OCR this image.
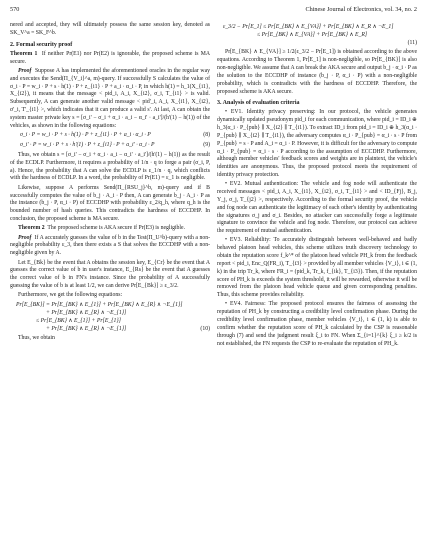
570	Chinese Journal of Electronics, vol. 34, no. 2

nered and accepted, they will ultimately possess the same session key, denoted as SK_V^a = SK_F^b.

2. Formal security proof

Theorem 1 If neither Pr(E1) nor Pr(E2) is ignorable, the proposed scheme is MA secure.

Proof Suppose A has implemented the aforementioned oracles in the regular way and executes the Send(Π_{V_i}^a, m)-query. If successfully S calculates the value of σ_i · P = w_i · P + s · h(1) · P + z_{i1} · P + a_i · α_i · P, in which h(1) = h_1(X_{i1}, X_{i2}), it means that the message < pid_i, A_i, X_{i2}, σ_i, T_{i1} > is valid. Subsequently, A can generate another valid message < pid'_i, A_i, X_{i1}, X_{i2}, σ'_i, T'_{i1} >, which indicates that it can produce a valid s'. At last, A can obtain the system master private key s = [σ_i' − σ_i + α_i · a_i − α_i' · a_i']/(h'(1) − h(1)) of the vehicles, as shown in the following equations:

σ_i · P = w_i · P + s · h(1) · P + z_{i1} · P + a_i · α_i · P	(8)
σ_i' · P = w_i · P + s · h'(1) · P + z_{i1} · P + a_i' · α_i · P	(9)

Thus, we obtain s = [σ_i' − σ_i + α_i · a_i − α_i' · a_i']/(h'(1) − h(1)) as the result of the ECDLP. Furthermore, it requires a probability of 1/n · q to forge a pair (σ_i, P, a). Hence, the probability that A can solve the ECDLP is ε_1/n · q, which conflicts with the hardness of ECDLP. In a word, the probability of Pr(E1) = ε_1 is negligible.

Likewise, suppose A performs Send(Π_{RSU_j}^b, m)-query and if B successfully computes the value of b_j · A_i · P then, A can generate b_j · A_i · P as the instance (b_j · P, α_i · P) of ECCDHP with probability ε_2/q_h, where q_h is the bounded number of hash queries. This contradicts the hardness of ECCDHP. In conclusion, the proposed scheme is MA secure.

Theorem 2 The proposed scheme is AKA secure if Pr(E3) is negligible.

Proof If A accurately guesses the value of b in the Test(Π_U^b)-query with a non-negligible probability ε_3, then there exists a S that solves the ECCDHP with a non-negligible given by A.

Let E_{Bk} be the event that A obtains the session key, E_{Cr} be the event that A guesses the correct value of b in user's instance, E_{Rs} be the event that A guesses the correct value of b in FN's instance. Since the probability of A successfully guessing the value of b is at least 1/2, we can derive Pr[E_{Bk}] ≥ ε_3/2.

Furthermore, we get the following equations:

Pr[E_{BK}] = Pr[E_{BK} ∧ E_{1}] + Pr[E_{BK} ∧ E_{R} ∧ ¬E_{1}]
+ Pr[E_{BK} ∧ E_{R} ∧ ¬E_{1}]
≤ Pr[E_{BK} ∧ E_{1}] + Pr[E_{1}]
+ Pr[E_{BK} ∧ E_{R} ∧ ¬E_{1}]	(10)

Thus, we obtain

ε_3/2 − Pr[E_1] ≤ Pr[E_{BK} ∧ E_{VA}] + Pr[E_{BK} ∧ E_R ∧ ¬E_1]
≤ Pr[E_{BK} ∧ E_{VA}] + Pr[E_{BK} ∧ E_R]
(11)

Pr[E_{BK} ∧ E_{VA}] ≥ 1/2(ε_3/2 − Pr[E_1]) is obtained according to the above equations. According to Theorem 1, Pr[E_1] is non-negligible, so Pr[E_{BK}] is also non-negligible. We assume that A can break the AKA secure and output b_j · α_i · P as the solution to the ECCDHP of instance (b_j · P, α_i · P) with a non-negligible probability, which is contradicts with the hardness of ECCDHP. Therefore, the proposed scheme is AKA secure.

3. Analysis of evaluation criteria

• EV1. Identity privacy preserving: In our protocol, the vehicle generates dynamically updated pseudonym pid_i for each communication, where pid_i = ID_i ⊕ h_3(α_i · P_{pub} ∥ X_{i2} ∥ T_{i1}). To extract ID_i from pid_i = ID_i ⊕ h_3(α_i · P_{pub} ∥ X_{i2} ∥ T_{i1}), the adversary computes α_i · P_{pub} = α_i · s · P from P_{pub} = s · P and A_i = α_i · P. However, it is difficult for the adversary to compute α_i · P_{pub} = α_i · s · P according to the assumption of ECCDHP. Furthermore, although member vehicles' feedback scores and weights are in plaintext, the vehicle's identities are anonymous. Thus, the proposed protocol meets the requirement of identity privacy protection.

• EV2. Mutual authentication: The vehicle and fog node will authenticate the received messages < pid_i, A_i, X_{i1}, X_{i2}, σ_i, T_{i1} > and < ID_{Fj}, B_j, Y_j, σ_j, T_{j2} >, respectively. According to the formal security proof, the vehicle and fog node can authenticate the legitimacy of each other's identity by authenticating the signatures σ_j and σ_i. Besides, no attacker can successfully forge a legitimate signature to convince the vehicle and fog node. Therefore, our protocol can achieve the requirement of mutual authentication.

• EV3. Reliability: To accurately distinguish between well-behaved and badly behaved platoon head vehicles, this scheme utilizes truth discovery technology to obtain the reputation score f_k^* of the platoon head vehicle PH_k from the feedback report < pid_i, Enc_Q(FR_i), T_{i3} > provided by all member vehicles {V_i}, i ∈ (1, k) in the trip Tr_k, where FR_i = (pid_k, Tr_k, f_{ik}, T_{i3}). Then, if the reputation score of PH_k is exceeds the system threshold, it will be rewarded, otherwise it will be removed from the platoon head vehicle queue and given corresponding penalties. Thus, this scheme provides reliability.

• EV4. Fairness: The proposed protocol ensures the fairness of assessing the reputation of PH_k by constructing a credibility level confirmation phase. During the credibility level confirmation phase, member vehicles {V_i}, i ∈ (1, k) is able to confirm whether the reputation score of PH_k calculated by the CSP is reasonable through (7) and send the judgment result ξ_i to FN. When Σ_{i=1}^{k} ξ_i ≥ k/2 is not established, the FN requests the CSP to re-evaluate the reputation of PH_k.
